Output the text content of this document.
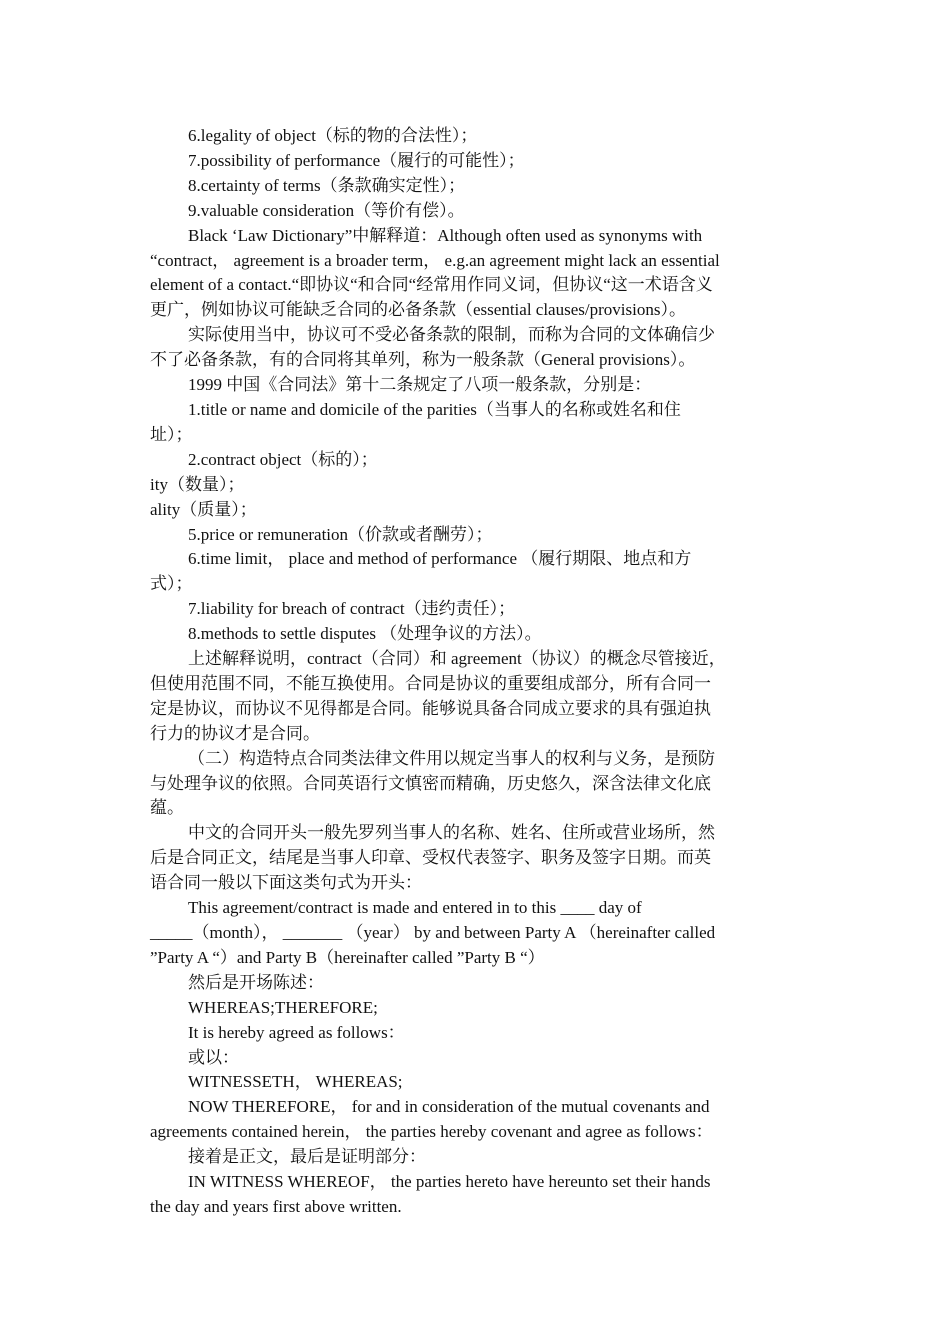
6.legality of object（标的物的合法性）；

7.possibility of performance（履行的可能性）；

8.certainty of terms（条款确实定性）；

9.valuable consideration（等价有偿）。

Black ‘Law Dictionary”中解释道：Although often used as synonyms with
“contract， agreement is a broader term， e.g.an agreement might lack an essential
element of a contact.“即协议“和合同“经常用作同义词，但协议“这一术语含义
更广，例如协议可能缺乏合同的必备条款（essential clauses/provisions）。

实际使用当中，协议可不受必备条款的限制，而称为合同的文体确信少
不了必备条款，有的合同将其单列，称为一般条款（General provisions）。

1999 中国《合同法》第十二条规定了八项一般条款，分别是：

1.title or name and domicile of the parities（当事人的名称或姓名和住
址）；

2.contract object（标的）；

ity（数量）；

ality（质量）；

5.price or remuneration（价款或者酬劳）；

6.time limit， place and method of performance （履行期限、地点和方
式）；

7.liability for breach of contract（违约责任）；

8.methods to settle disputes （处理争议的方法）。

上述解释说明，contract（合同）和 agreement（协议）的概念尽管接近，
但使用范围不同，不能互换使用。合同是协议的重要组成部分，所有合同一
定是协议，而协议不见得都是合同。能够说具备合同成立要求的具有强迫执
行力的协议才是合同。

（二）构造特点合同类法律文件用以规定当事人的权利与义务，是预防
与处理争议的依照。合同英语行文慎密而精确，历史悠久，深含法律文化底
蕴。

中文的合同开头一般先罗列当事人的名称、姓名、住所或营业场所，然
后是合同正文，结尾是当事人印章、受权代表签字、职务及签字日期。而英
语合同一般以下面这类句式为开头：

This agreement/contract is made and entered in to this ____ day of
_____（month）， _______ （year） by and between Party A （hereinafter called
”Party A “）and Party B（hereinafter called ”Party B “）

然后是开场陈述：

WHEREAS;THEREFORE;

It is hereby agreed as follows：

或以：

WITNESSETH， WHEREAS;

NOW THEREFORE， for and in consideration of the mutual covenants and
agreements contained herein， the parties hereby covenant and agree as follows：

接着是正文，最后是证明部分：

IN WITNESS WHEREOF， the parties hereto have hereunto set their hands
the day and years first above written.
